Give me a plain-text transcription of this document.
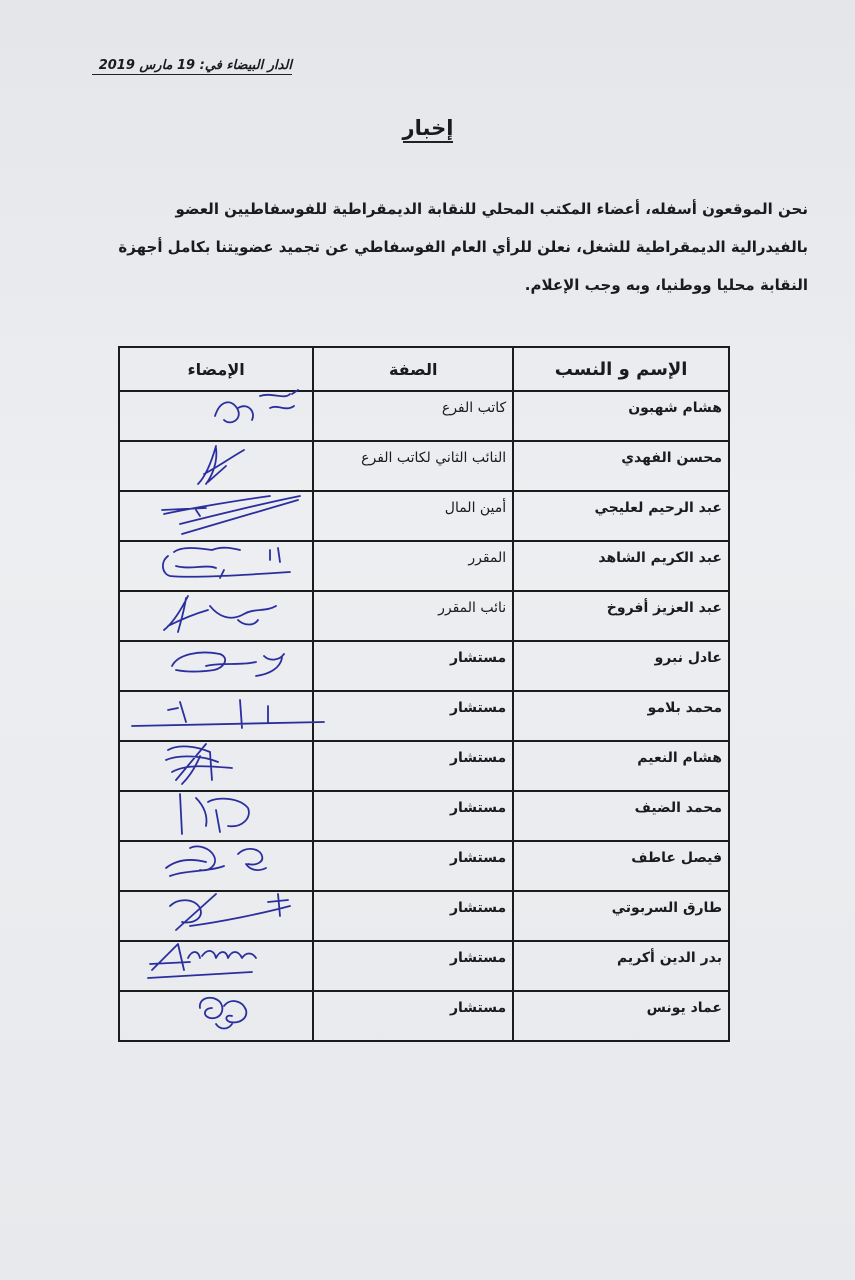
الدار البيضاء في: 19 مارس 2019
إخبار
نحن الموقعون أسفله، أعضاء المكتب المحلي للنقابة الديمقراطية للفوسفاطيين العضو بالفيدرالية الديمقراطية للشغل، نعلن للرأي العام الفوسفاطي عن تجميد عضويتنا بكامل أجهزة النقابة محليا ووطنيا، وبه وجب الإعلام.
الإسم و النسب	الصفة	الإمضاء
هشام شهبون	كاتب الفرع	

محسن الفهدي	النائب الثاني لكاتب الفرع	

عبد الرحيم لعليجي	أمين المال	

عبد الكريم الشاهد	المقرر	

عبد العزيز أفروخ	نائب المقرر	

عادل نبرو	مستشار	

محمد بلامو	مستشار	

هشام النعيم	مستشار	

محمد الضيف	مستشار	

فيصل عاطف	مستشار	

طارق السربوتي	مستشار	

بدر الدين أكريم	مستشار	

عماد يونس	مستشار	
